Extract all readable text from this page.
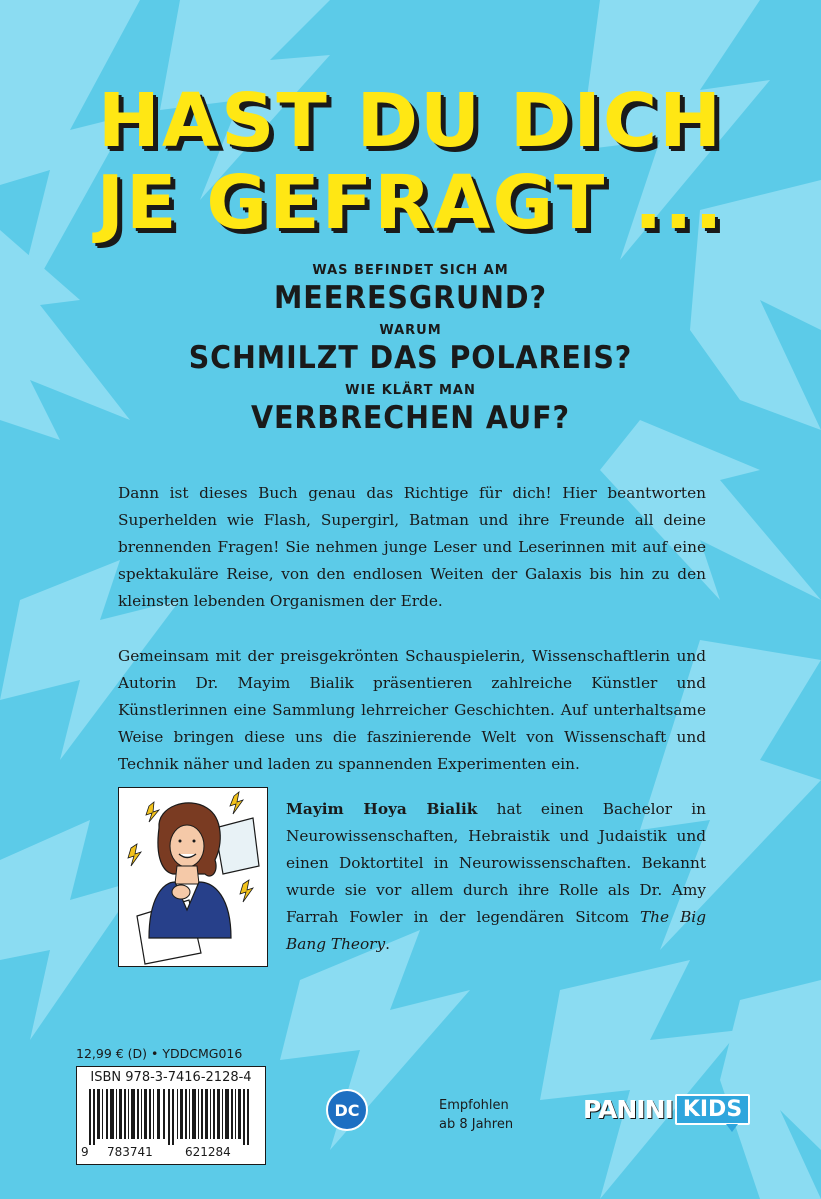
HAST DU DICH
JE GEFRAGT ...
WAS BEFINDET SICH AM
MEERESGRUND?
WARUM
SCHMILZT DAS POLAREIS?
WIE KLÄRT MAN
VERBRECHEN AUF?

Dann ist dieses Buch genau das Richtige für dich! Hier beantworten Superhelden wie Flash, Supergirl, Batman und ihre Freunde all deine brennenden Fragen! Sie nehmen junge Leser und Leserinnen mit auf eine spektakuläre Reise, von den endlosen Weiten der Galaxis bis hin zu den kleinsten lebenden Organismen der Erde.

Gemeinsam mit der preisgekrönten Schauspielerin, Wissenschaftlerin und Autorin Dr. Mayim Bialik präsentieren zahlreiche Künstler und Künstlerinnen eine Sammlung lehrreicher Geschichten. Auf unterhaltsame Weise bringen diese uns die faszinierende Welt von Wissenschaft und Technik näher und laden zu spannenden Experimenten ein.

Mayim Hoya Bialik hat einen Bachelor in Neurowissenschaften, Hebraistik und Judaistik und einen Doktortitel in Neurowissenschaften. Bekannt wurde sie vor allem durch ihre Rolle als Dr. Amy Farrah Fowler in der legendären Sitcom The Big Bang Theory.

12,99 € (D) • YDDCMG016
ISBN 978-3-7416-2128-4
9 783741	621284
DC	Empfohlen
ab 8 Jahren
PANINI KIDS
